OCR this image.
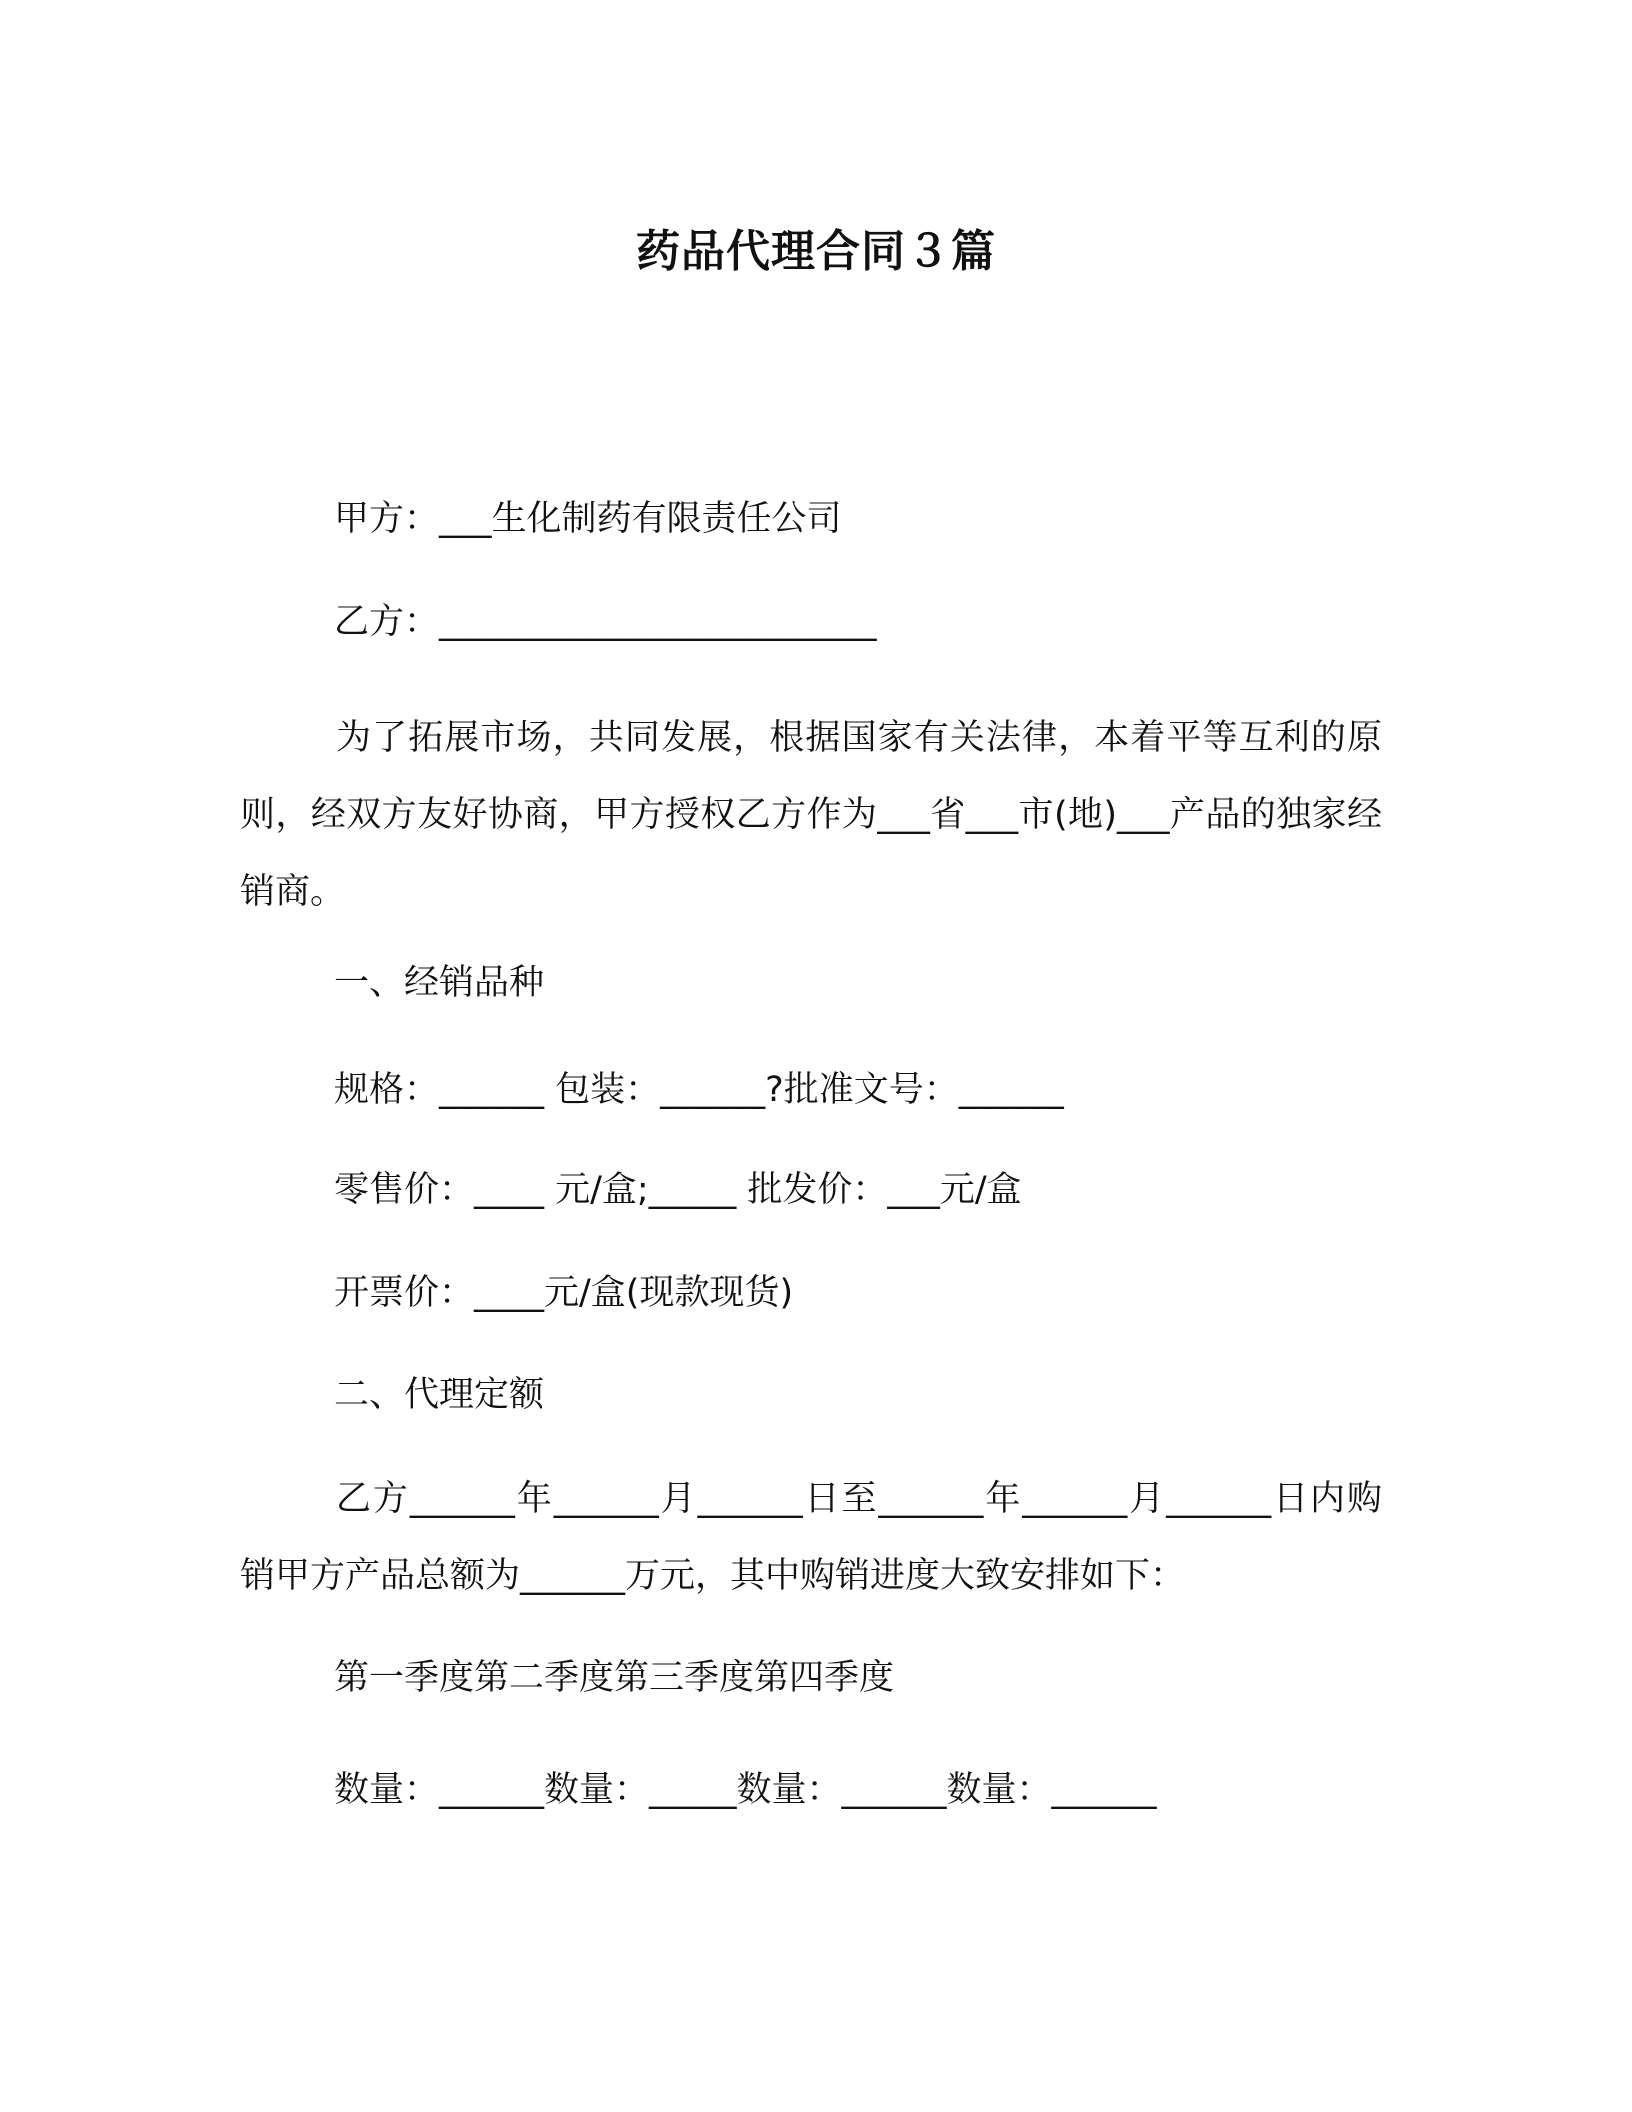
药品代理合同３篇

甲方：___生化制药有限责任公司

乙方：_________________________

为了拓展市场，共同发展，根据国家有关法律，本着平等互利的原则，经双方友好协商，甲方授权乙方作为___省___市(地)___产品的独家经销商。

一、经销品种

规格：______ 包装：______?批准文号：______

零售价：____ 元/盒;_____ 批发价：___元/盒

开票价：____元/盒(现款现货)

二、代理定额

乙方______年______月______日至______年______月______日内购销甲方产品总额为______万元，其中购销进度大致安排如下：

第一季度第二季度第三季度第四季度

数量：______数量：_____数量：______数量：______
